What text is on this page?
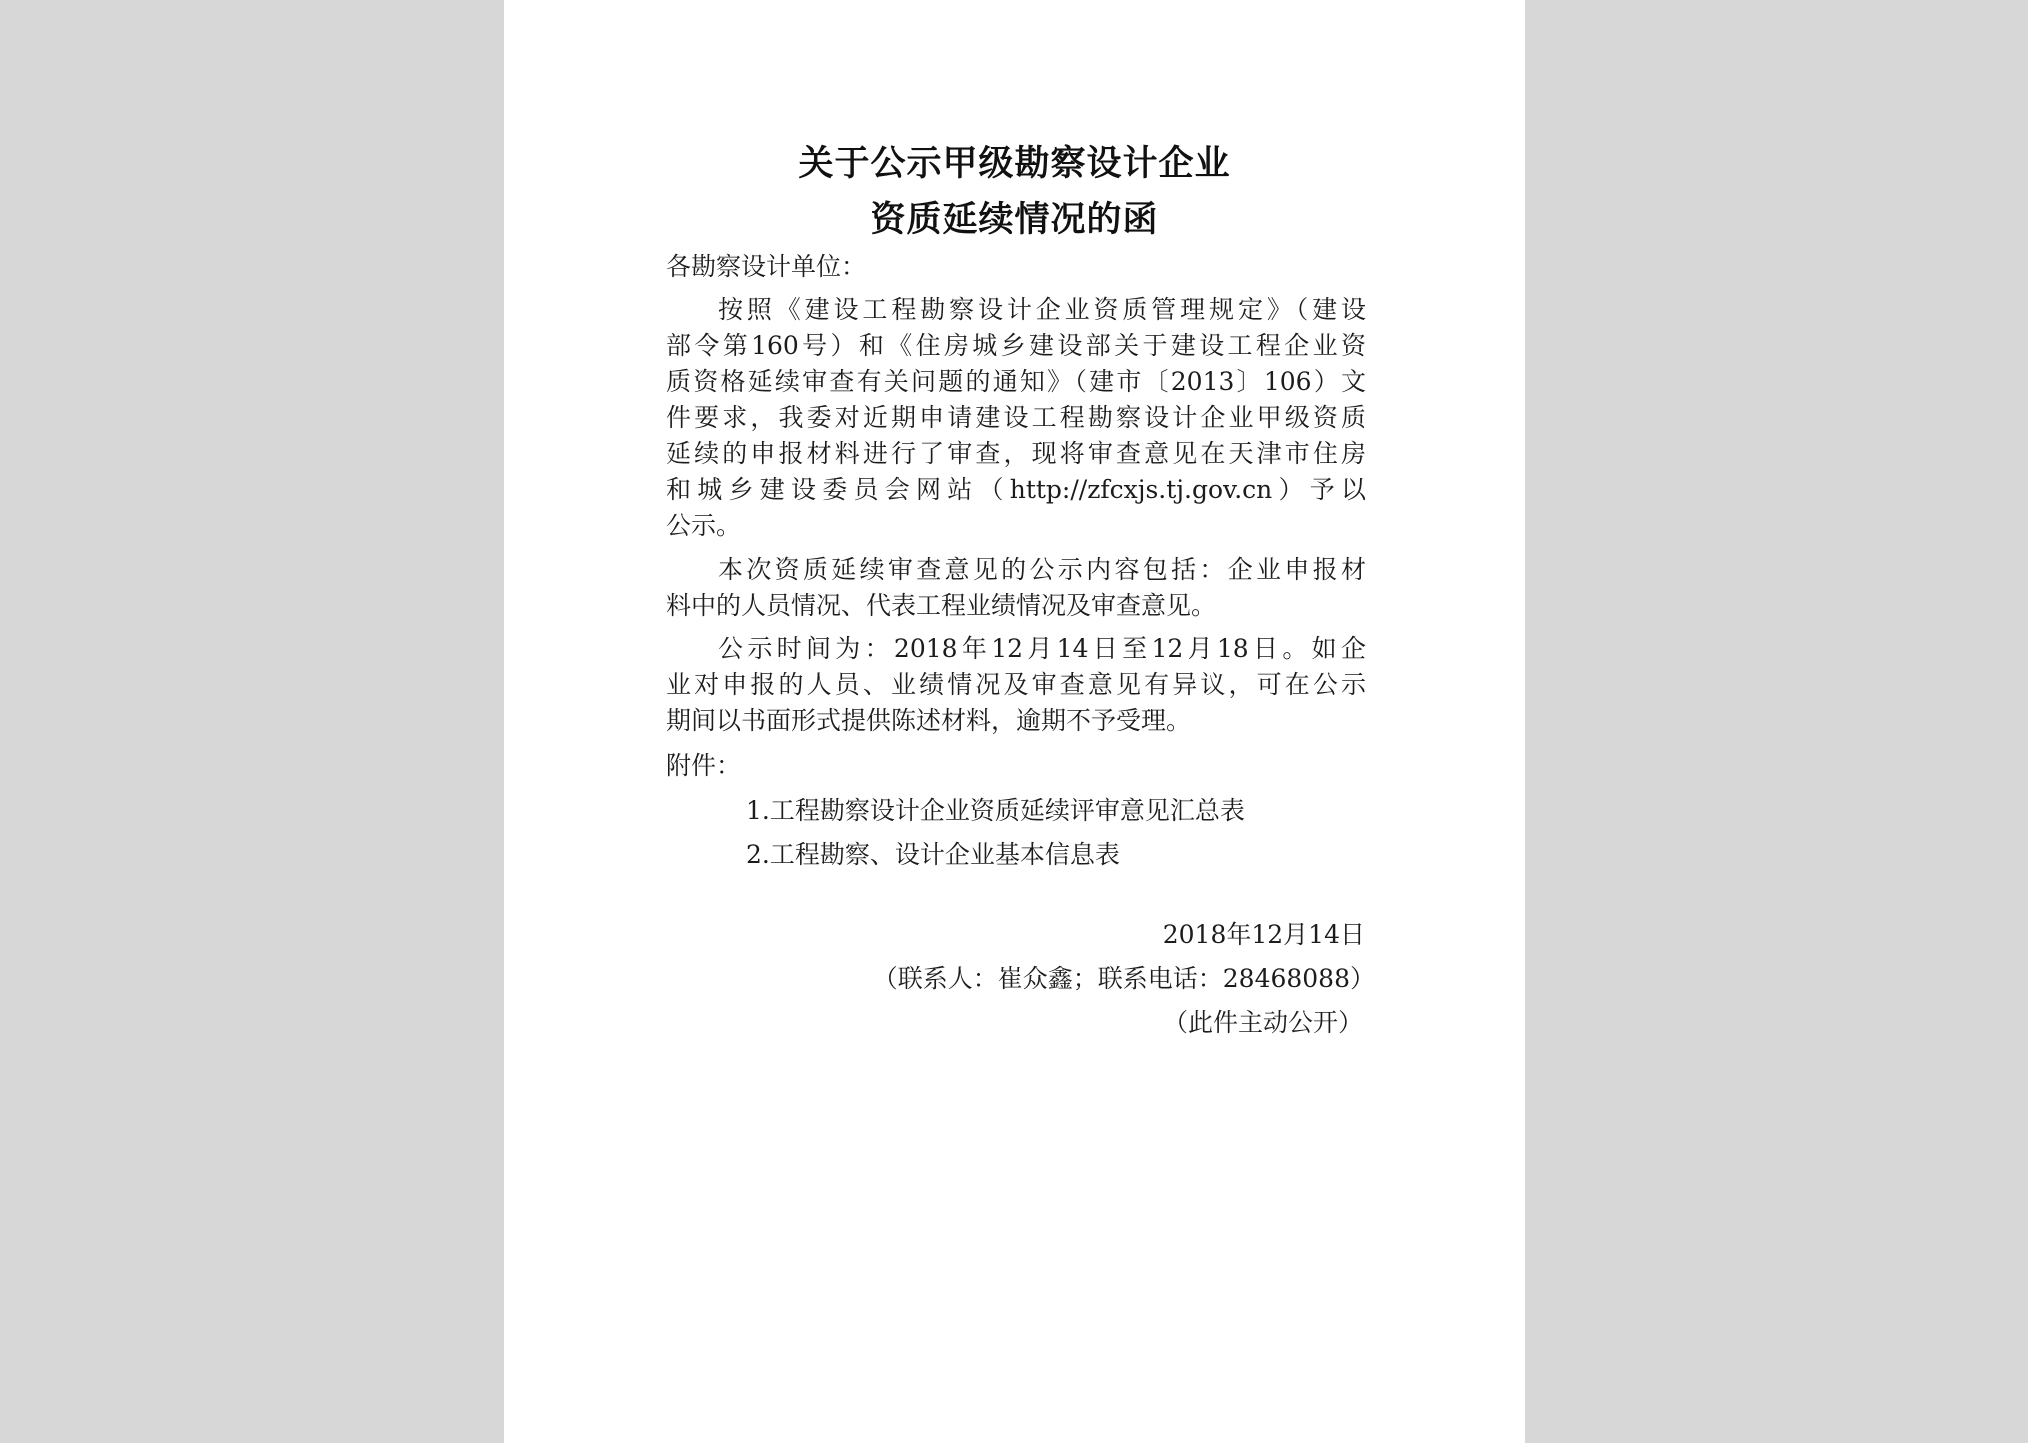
关于公示甲级勘察设计企业
资质延续情况的函
各勘察设计单位：
按照《建设工程勘察设计企业资质管理规定》（建设
部令第160号）和《住房城乡建设部关于建设工程企业资
质资格延续审查有关问题的通知》（建市〔2013〕106）文
件要求，我委对近期申请建设工程勘察设计企业甲级资质
延续的申报材料进行了审查，现将审查意见在天津市住房
和城乡建设委员会网站（http://zfcxjs.tj.gov.cn）予以
公示。
本次资质延续审查意见的公示内容包括：企业申报材
料中的人员情况、代表工程业绩情况及审查意见。
公示时间为：2018年12月14日至12月18日。如企
业对申报的人员、业绩情况及审查意见有异议，可在公示
期间以书面形式提供陈述材料，逾期不予受理。
附件：
1.工程勘察设计企业资质延续评审意见汇总表
2.工程勘察、设计企业基本信息表
2018年12月14日
（联系人：崔众鑫；联系电话：28468088）
（此件主动公开）
